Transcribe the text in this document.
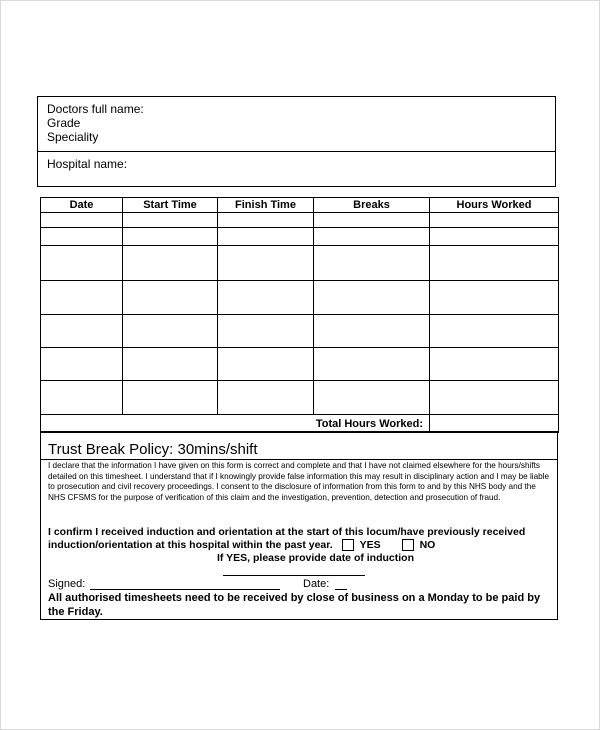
Doctors full name:
Grade
Speciality
Hospital name:
Date	Start Time	Finish Time	Breaks	Hours Worked

Total Hours Worked:				
Trust Break Policy: 30mins/shift
I declare that the information I have given on this form is correct and complete and that I have not claimed elsewhere for the hours/shifts detailed on this timesheet. I understand that if I knowingly provide false information this may result in disciplinary action and I may be liable to prosecution and civil recovery proceedings. I consent to the disclosure of information from this form to and by this NHS body and the NHS CFSMS for the purpose of verification of this claim and the investigation, prevention, detection and prosecution of fraud.
I confirm I received induction and orientation at the start of this locum/have previously received
induction/orientation at this hospital within the past year.	YES	NO
If YES, please provide date of induction
Signed:	Date:
All authorised timesheets need to be received by close of business on a Monday to be paid by the Friday.
